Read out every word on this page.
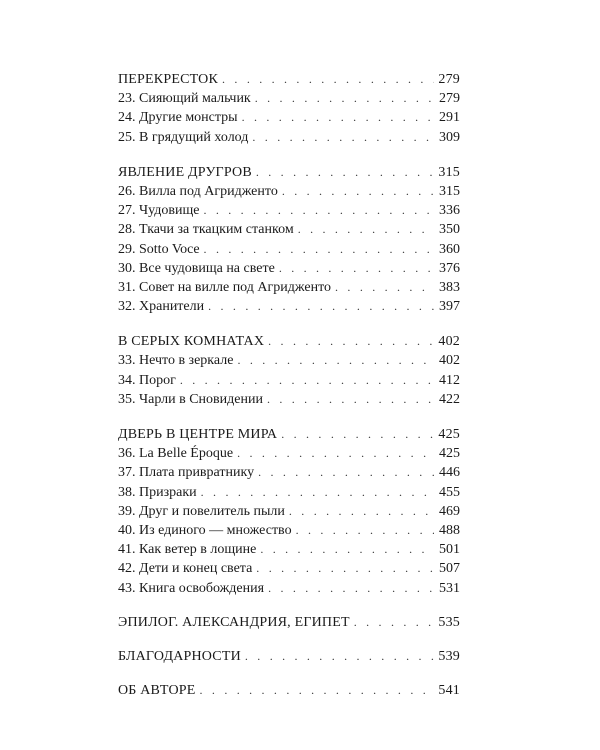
ПЕРЕКРЕСТОК . . .	279
23. Сияющий мальчик . . .	279
24. Другие монстры . . .	291
25. В грядущий холод . . .	309
ЯВЛЕНИЕ ДРУГРОВ . . .	315
26. Вилла под Агридженто . . .	315
27. Чудовище . . .	336
28. Ткачи за ткацким станком . . .	350
29. Sotto Voce . . .	360
30. Все чудовища на свете . . .	376
31. Совет на вилле под Агридженто . . .	383
32. Хранители . . .	397
В СЕРЫХ КОМНАТАХ . . .	402
33. Нечто в зеркале . . .	402
34. Порог . . .	412
35. Чарли в Сновидении . . .	422
ДВЕРЬ В ЦЕНТРЕ МИРА . . .	425
36. La Belle Époque . . .	425
37. Плата привратнику . . .	446
38. Призраки . . .	455
39. Друг и повелитель пыли . . .	469
40. Из единого — множество . . .	488
41. Как ветер в лощине . . .	501
42. Дети и конец света . . .	507
43. Книга освобождения . . .	531
ЭПИЛОГ. АЛЕКСАНДРИЯ, ЕГИПЕТ . . .	535
БЛАГОДАРНОСТИ . . .	539
ОБ АВТОРЕ . . .	541
